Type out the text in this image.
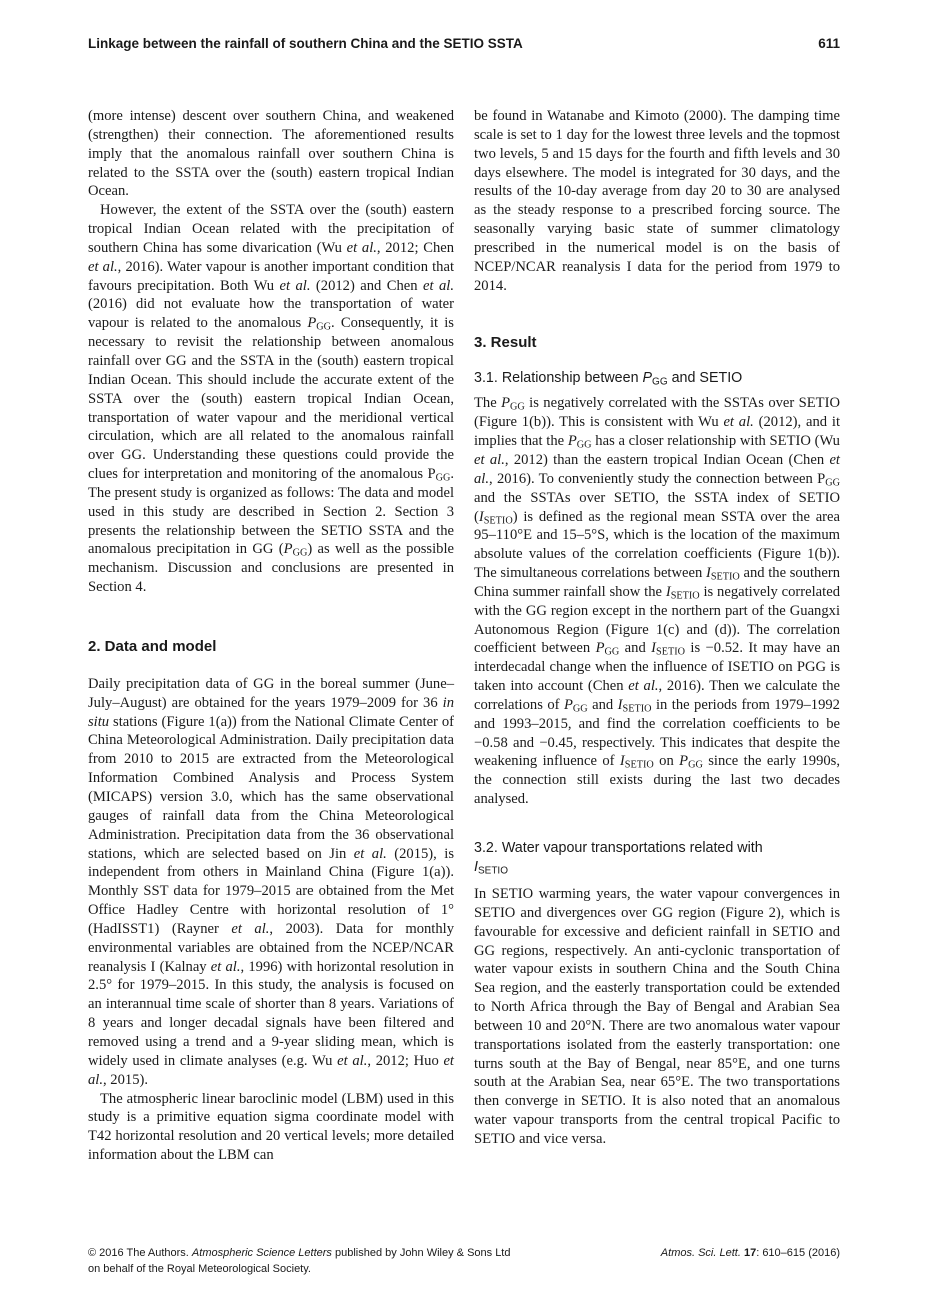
Linkage between the rainfall of southern China and the SETIO SSTA	611

(more intense) descent over southern China, and weakened (strengthen) their connection. The aforementioned results imply that the anomalous rainfall over southern China is related to the SSTA over the (south) eastern tropical Indian Ocean.

However, the extent of the SSTA over the (south) eastern tropical Indian Ocean related with the precipitation of southern China has some divarication (Wu et al., 2012; Chen et al., 2016). Water vapour is another important condition that favours precipitation. Both Wu et al. (2012) and Chen et al. (2016) did not evaluate how the transportation of water vapour is related to the anomalous $P_{GG}$. Consequently, it is necessary to revisit the relationship between anomalous rainfall over GG and the SSTA in the (south) eastern tropical Indian Ocean. This should include the accurate extent of the SSTA over the (south) eastern tropical Indian Ocean, transportation of water vapour and the meridional vertical circulation, which are all related to the anomalous rainfall over GG. Understanding these questions could provide the clues for interpretation and monitoring of the anomalous $P_{GG}$. The present study is organized as follows: The data and model used in this study are described in Section 2. Section 3 presents the relationship between the SETIO SSTA and the anomalous precipitation in GG $(P_{GG})$ as well as the possible mechanism. Discussion and conclusions are presented in Section 4.

2. Data and model

Daily precipitation data of GG in the boreal summer (June–July–August) are obtained for the years 1979–2009 for 36 in situ stations (Figure 1(a)) from the National Climate Center of China Meteorological Administration. Daily precipitation data from 2010 to 2015 are extracted from the Meteorological Information Combined Analysis and Process System (MICAPS) version 3.0, which has the same observational gauges of rainfall data from the China Meteorological Administration. Precipitation data from the 36 observational stations, which are selected based on Jin et al. (2015), is independent from others in Mainland China (Figure 1(a)). Monthly SST data for 1979–2015 are obtained from the Met Office Hadley Centre with horizontal resolution of 1° (HadISST1) (Rayner et al., 2003). Data for monthly environmental variables are obtained from the NCEP/NCAR reanalysis I (Kalnay et al., 1996) with horizontal resolution in 2.5° for 1979–2015. In this study, the analysis is focused on an interannual time scale of shorter than 8 years. Variations of 8 years and longer decadal signals have been filtered and removed using a trend and a 9-year sliding mean, which is widely used in climate analyses (e.g. Wu et al., 2012; Huo et al., 2015).

The atmospheric linear baroclinic model (LBM) used in this study is a primitive equation sigma coordinate model with T42 horizontal resolution and 20 vertical levels; more detailed information about the LBM can

be found in Watanabe and Kimoto (2000). The damping time scale is set to 1 day for the lowest three levels and the topmost two levels, 5 and 15 days for the fourth and fifth levels and 30 days elsewhere. The model is integrated for 30 days, and the results of the 10-day average from day 20 to 30 are analysed as the steady response to a prescribed forcing source. The seasonally varying basic state of summer climatology prescribed in the numerical model is on the basis of NCEP/NCAR reanalysis I data for the period from 1979 to 2014.

3. Result
3.1. Relationship between $P_{GG}$ and SETIO

The $P_{GG}$ is negatively correlated with the SSTAs over SETIO (Figure 1(b)). This is consistent with Wu et al. (2012), and it implies that the $P_{GG}$ has a closer relationship with SETIO (Wu et al., 2012) than the eastern tropical Indian Ocean (Chen et al., 2016). To conveniently study the connection between $P_{GG}$ and the SSTAs over SETIO, the SSTA index of SETIO $(I_{SETIO})$ is defined as the regional mean SSTA over the area 95–110°E and 15–5°S, which is the location of the maximum absolute values of the correlation coefficients (Figure 1(b)). The simultaneous correlations between $I_{SETIO}$ and the southern China summer rainfall show the $I_{SETIO}$ is negatively correlated with the GG region except in the northern part of the Guangxi Autonomous Region (Figure 1(c) and (d)). The correlation coefficient between $P_{GG}$ and $I_{SETIO}$ is −0.52. It may have an interdecadal change when the influence of ISETIO on PGG is taken into account (Chen et al., 2016). Then we calculate the correlations of $P_{GG}$ and $I_{SETIO}$ in the periods from 1979–1992 and 1993–2015, and find the correlation coefficients to be −0.58 and −0.45, respectively. This indicates that despite the weakening influence of $I_{SETIO}$ on $P_{GG}$ since the early 1990s, the connection still exists during the last two decades analysed.

3.2. Water vapour transportations related with
$I_{SETIO}$

In SETIO warming years, the water vapour convergences in SETIO and divergences over GG region (Figure 2), which is favourable for excessive and deficient rainfall in SETIO and GG regions, respectively. An anti-cyclonic transportation of water vapour exists in southern China and the South China Sea region, and the easterly transportation could be extended to North Africa through the Bay of Bengal and Arabian Sea between 10 and 20°N. There are two anomalous water vapour transportations isolated from the easterly transportation: one turns south at the Bay of Bengal, near 85°E, and one turns south at the Arabian Sea, near 65°E. The two transportations then converge in SETIO. It is also noted that an anomalous water vapour transports from the central tropical Pacific to SETIO and vice versa.

© 2016 The Authors. Atmospheric Science Letters published by John Wiley & Sons Ltd
on behalf of the Royal Meteorological Society.
Atmos. Sci. Lett. 17: 610–615 (2016)
